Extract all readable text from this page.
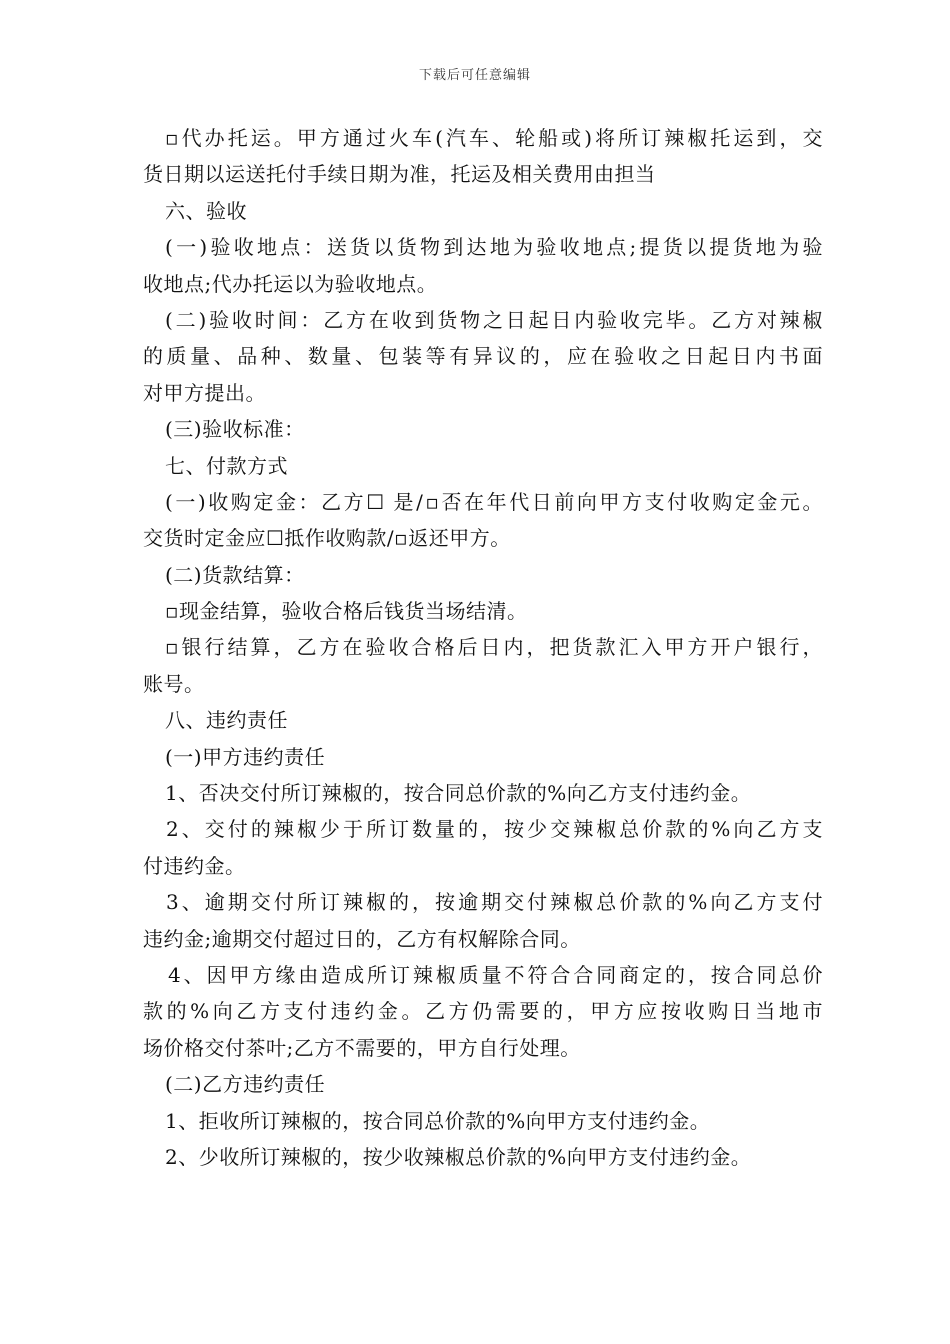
下载后可任意编辑
▫代办托运。甲方通过火车(汽车、轮船或)将所订辣椒托运到，交
货日期以运送托付手续日期为准，托运及相关费用由担当
六、验收
(一)验收地点：送货以货物到达地为验收地点;提货以提货地为验
收地点;代办托运以为验收地点。
(二)验收时间：乙方在收到货物之日起日内验收完毕。乙方对辣椒
的质量、品种、数量、包装等有异议的，应在验收之日起日内书面
对甲方提出。
(三)验收标准：
七、付款方式
(一)收购定金：乙方☐ 是/▫否在年代日前向甲方支付收购定金元。
交货时定金应☐抵作收购款/▫返还甲方。
(二)货款结算：
▫现金结算，验收合格后钱货当场结清。
▫银行结算，乙方在验收合格后日内，把货款汇入甲方开户银行，
账号。
八、违约责任
(一)甲方违约责任
1、否决交付所订辣椒的，按合同总价款的%向乙方支付违约金。
2、交付的辣椒少于所订数量的，按少交辣椒总价款的%向乙方支
付违约金。
3、逾期交付所订辣椒的，按逾期交付辣椒总价款的%向乙方支付
违约金;逾期交付超过日的，乙方有权解除合同。
4、因甲方缘由造成所订辣椒质量不符合合同商定的，按合同总价
款的%向乙方支付违约金。乙方仍需要的，甲方应按收购日当地市
场价格交付茶叶;乙方不需要的，甲方自行处理。
(二)乙方违约责任
1、拒收所订辣椒的，按合同总价款的%向甲方支付违约金。
2、少收所订辣椒的，按少收辣椒总价款的%向甲方支付违约金。
